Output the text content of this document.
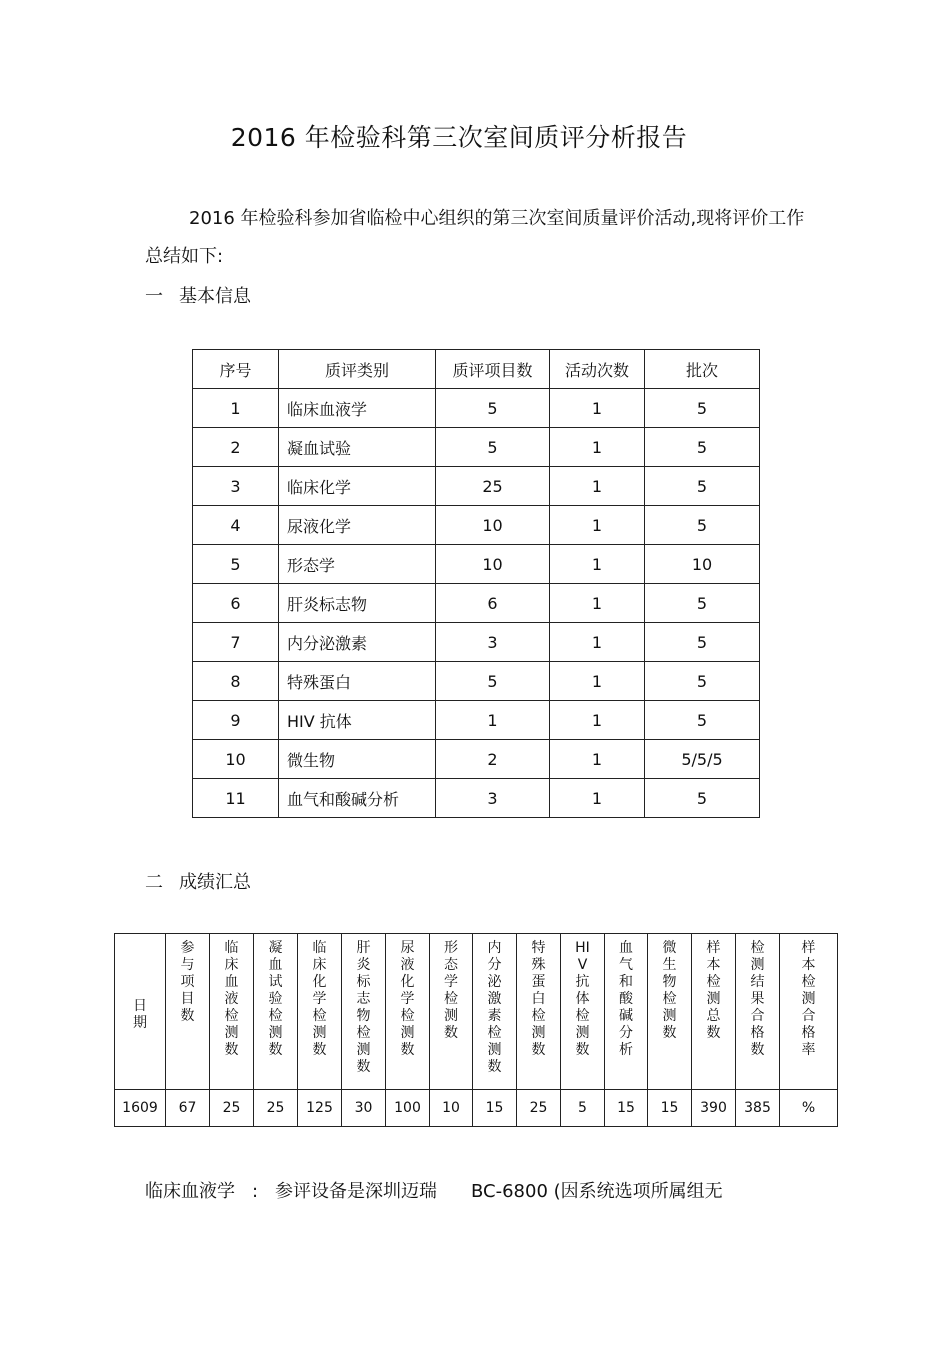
2016 年检验科第三次室间质评分析报告
2016 年检验科参加省临检中心组织的第三次室间质量评价活动,现将评价工作总结如下:
一 基本信息
序号	质评类别	质评项目数	活动次数	批次
1	临床血液学	5	1	5
2	凝血试验	5	1	5
3	临床化学	25	1	5
4	尿液化学	10	1	5
5	形态学	10	1	10
6	肝炎标志物	6	1	5
7	内分泌激素	3	1	5
8	特殊蛋白	5	1	5
9	HIV 抗体	1	1	5
10	微生物	2	1	5/5/5
11	血气和酸碱分析	3	1	5
二 成绩汇总
日期	参与项目数	临床血液检测数	凝血试验检测数	临床化学检测数	肝炎标志物检测数	尿液化学检测数	形态学检测数	内分泌激素检测数	特殊蛋白检测数	HIV抗体检测数	血气和酸碱分析	微生物检测数	样本检测总数	检测结果合格数	样本检测合格率
1609	67	25	25	125	30	100	10	15	25	5	15	15	390	385	%
临床血液学 : 参评设备是深圳迈瑞 BC-6800 (因系统选项所属组无
